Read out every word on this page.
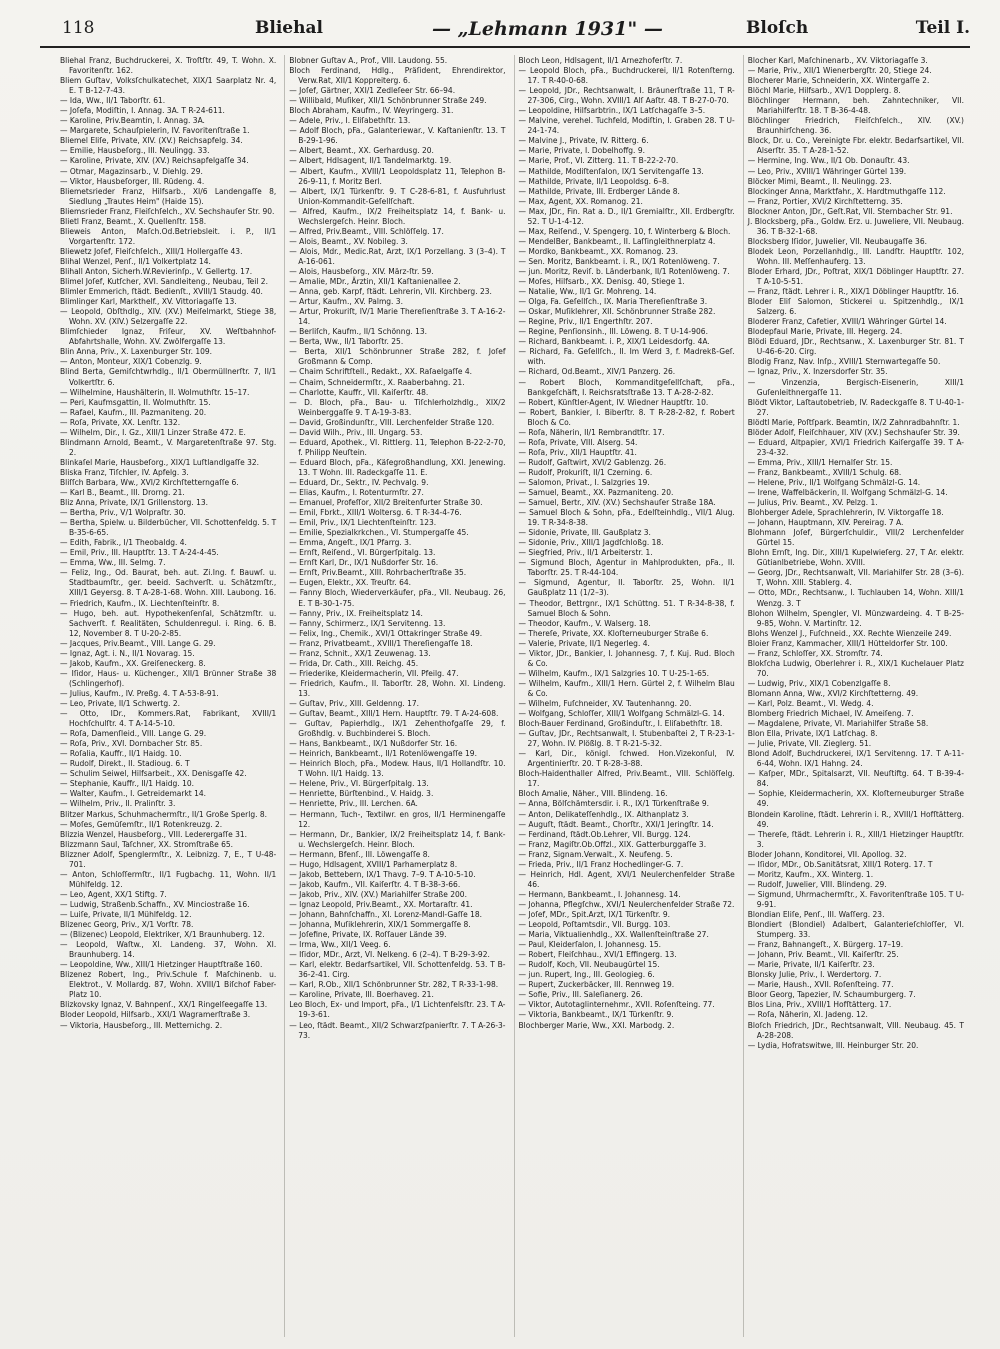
118	Bliehal	— „Lehmann 1931" —	Bloſch	Teil I.

Bliehal Franz, Buchdruckerei, X. Troſtſtr. 49, T. Wohn. X. Favoritenſtr. 162.

Bliem Guſtav, Volksſchulkatechet, XIX/1 Saarplatz Nr. 4, E. T B-12-7-43.

— Ida, Ww., II/1 Taborſtr. 61.

— Joſefa, Modiſtin, I. Annag. 3A. T R-24-611.

— Karoline, Priv.Beamtin, I. Annag. 3A.

— Margarete, Schauſpielerin, IV. Favoritenſtraße 1.

Bliemel Eliſe, Private, XIV. (XV.) Reichsapfelg. 34.

— Emilie, Hausbeſorg., III. Neulingg. 33.

— Karoline, Private, XIV. (XV.) Reichsapfelgaſſe 34.

— Otmar, Magazinsarb., V. Diehlg. 29.

— Viktor, Hausbeſorger, III. Rüdeng. 4.

Bliemetsrieder Franz, Hilfsarb., XI/6 Landengaſſe 8, Siedlung „Trautes Heim" (Haide 15).

Bliemsrieder Franz, Fleiſchſelch., XV. Sechshauſer Str. 90.

Blietl Franz, Beamt., X. Quellenſtr. 158.

Blieweis Anton, Maſch.Od.Betriebsleit. i. P., II/1 Vorgartenſtr. 172.

Bliewetz Joſef, Fleiſchſelch., XIII/1 Hollergaſſe 43.

Blihal Wenzel, Penſ., II/1 Volkertplatz 14.

Blihall Anton, Sicherh.W.Revierinſp., V. Gellertg. 17.

Blimel Joſef, Kutſcher, XVI. Sandleiteng., Neubau, Teil 2.

Blimler Emmerich, ſtädt. Bedienſt., XVIII/1 Staudg. 40.

Blimlinger Karl, Markthelf., XV. Vittoriagaſſe 13.

— Leopold, Obſthdlg., XIV. (XV.) Meiſelmarkt, Stiege 38, Wohn. XV. (XIV.) Selzergaſſe 22.

Blimſchieder Ignaz, Friſeur, XV. Weſtbahnhof-Abfahrtshalle, Wohn. XV. Zwölfergaſſe 13.

Blin Anna, Priv., X. Laxenburger Str. 109.

— Anton, Monteur, XIX/1 Cobenzlg. 9.

Blind Berta, Gemiſchtwrhdlg., II/1 Obermüllnerſtr. 7, II/1 Volkertſtr. 6.

— Wilhelmine, Haushälterin, II. Wolmuthſtr. 15–17.

— Peri, Kaufmsgattin, II. Wolmuthſtr. 15.

— Rafael, Kaufm., III. Pazmaniteng. 20.

— Roſa, Private, XX. Lenſtr. 132.

— Wilhelm, Dir., I. Gz., XIII/1 Linzer Straße 472. E.

Blindmann Arnold, Beamt., V. Margaretenſtraße 97. Stg. 2.

Blinkaſel Marie, Hausbeſorg., XIX/1 Luſtlandlgaſſe 32.

Bliska Franz, Tiſchler, IV. Apfelg. 3.

Bliſſch Barbara, Ww., XVI/2 Kirchſtetterngaſſe 6.

— Karl B., Beamt., III. Drorng. 21.

Bliz Anna, Private, IX/1 Grillenstorg. 13.

— Bertha, Priv., V/1 Wolpraſtr. 30.

— Bertha, Spielw. u. Bilderbücher, VII. Schottenfeldg. 5. T B-35-6-65.

— Edith, Fabrik., I/1 Theobaldg. 4.

— Emil, Priv., III. Hauptſtr. 13. T A-24-4-45.

— Emma, Ww., III. Selmg. 7.

— Feliz, Ing., Od. Baurat, beh. aut. Zi.Ing. f. Bauwſ. u. Stadtbaumſtr., ger. beeid. Sachverſt. u. Schätzmſtr., XIII/1 Geyersg. 8. T A-28-1-68. Wohn. XIII. Laubong. 16.

— Friedrich, Kaufm., IX. Liechtenſteinſtr. 8.

— Hugo, beh. aut. Hypothekenſenſal, Schätzmſtr. u. Sachverſt. f. Realitäten, Schuldenregul. i. Ring. 6. B. 12, November 8. T U-20-2-85.

— Jacques, Priv.Beamt., VIII. Lange G. 29.

— Ignaz, Agt. i. N., II/1 Novarag. 15.

— Jakob, Kaufm., XX. Greiſeneckerg. 8.

— Iſidor, Haus- u. Küchenger., XII/1 Brünner Straße 38 (Schlingerhof).

— Julius, Kaufm., IV. Preßg. 4. T A-53-8-91.

— Leo, Private, II/1 Schwertg. 2.

— Otto, IDr., Kommers.Rat, Fabrikant, XVIII/1 Hochſchulſtr. 4. T A-14-5-10.

— Roſa, Damenſleid., VIII. Lange G. 29.

— Roſa, Priv., XVI. Dornbacher Str. 85.

— Roſalia, Kauffr., II/1 Haidg. 10.

— Rudolf, Direkt., II. Stadioug. 6. T

— Schulim Seiwel, Hilfsarbeit., XX. Denisgaſſe 42.

— Stephanie, Kauffr., II/1 Haidg. 10.

— Walter, Kaufm., I. Getreidemarkt 14.

— Wilhelm, Priv., II. Pralinſtr. 3.

Blitzer Markus, Schuhmachermſtr., II/1 Große Sperlg. 8.

— Moſes, Gemüſemſtr., II/1 Rotenkreuzg. 2.

Blizzia Wenzel, Hausbeſorg., VIII. Lederergaſſe 31.

Blizzmann Saul, Taſchner, XX. Stromſtraße 65.

Blizzner Adolf, Spenglermſtr., X. Leibnizg. 7, E., T U-48-701.

— Anton, Schloſſermſtr., II/1 Fugbachg. 11, Wohn. II/1 Mühlfeldg. 12.

— Leo, Agent, XX/1 Stiftg. 7.

— Ludwig, Straßenb.Schaffn., XV. Minciostraße 16.

— Luiſe, Private, II/1 Mühlfeldg. 12.

Blizenec Georg, Priv., X/1 Vorſtr. 78.

— (Blizenec) Leopold, Elektriker, X/1 Braunhuberg. 12.

— Leopold, Waſtw., XI. Landeng. 37, Wohn. XI. Braunhuberg. 14.

— Leopoldine, Ww., XIII/1 Hietzinger Hauptſtraße 160.

Blizenez Robert, Ing., Priv.Schule f. Maſchinenb. u. Elektrot., V. Mollardg. 87, Wohn. XVIII/1 Biſchof Faber-Platz 10.

Blizkovsky Ignaz, V. Bahnpenſ., XX/1 Ringelſeegaſſe 13.

Bloder Leopold, Hilfsarb., XXI/1 Wagramerſtraße 3.

— Viktoria, Hausbeſorg., III. Metternichg. 2.

Blobner Guſtav A., Prof., VIII. Laudong. 55.

Bloch Ferdinand, Hdlg., Präſident, Ehrendirektor, Verw.Rat, XII/1 Koppreiterg. 6.

— Joſef, Gärtner, XXI/1 Zedleſeer Str. 66–94.

— Willibald, Muſiker, XII/1 Schönbrunner Straße 249.

Bloch Abraham, Kaufm., IV. Weyringerg. 31.

— Adele, Priv., I. Eliſabethſtr. 13.

— Adolf Bloch, pFa., Galanteriewar., V. Kaſtanienſtr. 13. T B-29-1-96.

— Albert, Beamt., XX. Gerhardusg. 20.

— Albert, Hdlsagent, II/1 Tandelmarktg. 19.

— Albert, Kaufm., XVIII/1 Leopoldsplatz 11, Telephon B-26-9-11, f. Moritz Berl.

— Albert, IX/1 Türkenſtr. 9. T C-28-6-81, f. Ausfuhrlust Union-Kommandit-Geſellſchaft.

— Alfred, Kaufm., IX/2 Freiheitsplatz 14, f. Bank- u. Wechslergeſch. Heinr. Bloch.

— Alfred, Priv.Beamt., VIII. Schlöſſelg. 17.

— Alois, Beamt., XV. Nobileg. 3.

— Alois, Mdr., Medic.Rat, Arzt, IX/1 Porzellang. 3 (3–4). T A-16-061.

— Alois, Hausbeſorg., XIV. März-ſtr. 59.

— Amalie, MDr., Ärztin, XII/1 Kaſtanienallee 2.

— Anna, geb. Karpf, ſtädt. Lehrerin, VII. Kirchberg. 23.

— Artur, Kaufm., XV. Palmg. 3.

— Artur, Prokuriſt, IV/1 Marie Thereſienſtraße 3. T A-16-2-14.

— Berliſch, Kaufm., II/1 Schönng. 13.

— Berta, Ww., II/1 Taborſtr. 25.

— Berta, XII/1 Schönbrunner Straße 282, f. Joſef Großmann & Comp.

— Chaim Schriftſtell., Redakt., XX. Raſaelgaſſe 4.

— Chaim, Schneidermſtr., X. Raaberbahng. 21.

— Charlotte, Kauffr., VII. Kaiſerſtr. 48.

— D. Bloch, pFa., Bau- u. Tiſchlerholzhdlg., XIX/2 Weinberggaſſe 9. T A-19-3-83.

— David, Großindunſtr., VIII. Lerchenfelder Straße 120.

— David Wilh., Priv., III. Ungarg. 53.

— Eduard, Apothek., VI. Rittlerg. 11, Telephon B-22-2-70, f. Philipp Neuſtein.

— Eduard Bloch, pFa., Käſegroßhandlung, XXI. Jenewing. 13. T Wohn. III. Radeckgaſſe 11. E.

— Eduard, Dr., Sektr., IV. Pechvalg. 9.

— Elias, Kaufm., I. Rotenturmſtr. 27.

— Emanuel, Profeſſor, XII/2 Breitenfurter Straße 30.

— Emil, Fbrkt., XIII/1 Woltersg. 6. T R-34-4-76.

— Emil, Priv., IX/1 Liechtenſteinſtr. 123.

— Emilie, Spezialkrkchen., VI. Stumpergaſſe 45.

— Emma, Angeſt., IX/1 Pfarrg. 3.

— Ernſt, Reiſend., VI. Bürgerſpitalg. 13.

— Ernſt Karl, Dr., IX/1 Nußdorfer Str. 16.

— Ernſt, Priv.Beamt., XIII. Rohrbacherſtraße 35.

— Eugen, Elektr., XX. Treuſtr. 64.

— Fanny Bloch, Wiederverkäufer, pFa., VII. Neubaug. 26, E. T B-30-1-75.

— Fanny, Priv., IX. Freiheitsplatz 14.

— Fanny, Schirmerz., IX/1 Servitenng. 13.

— Felix, Ing., Chemik., XVI/1 Ottakringer Straße 49.

— Franz, Privatbeamt., XVIII/1 Thereſiengaſſe 18.

— Franz, Schnit., XX/1 Zeuwenag. 13.

— Frida, Dr. Cath., XIII. Reichg. 45.

— Friederike, Kleidermacherin, VII. Pfeilg. 47.

— Friedrich, Kaufm., II. Taborſtr. 28, Wohn. XI. Lindeng. 13.

— Guſtav, Priv., XIII. Geldenng. 17.

— Guſtav, Beamt., XIII/1 Hern. Hauptſtr. 79. T A-24-608.

— Guſtav, Papierhdlg., IX/1 Zehenthofgaſſe 29, f. Großhdlg. v. Buchbinderei S. Bloch.

— Hans, Bankbeamt., IX/1 Nußdorfer Str. 16.

— Heinrich, Bankbeamt., II/1 Rotenlöwengaſſe 19.

— Heinrich Bloch, pFa., Modew. Haus, II/1 Hollandſtr. 10. T Wohn. II/1 Haidg. 13.

— Helene, Priv., VI. Bürgerſpitalg. 13.

— Henriette, Bürſtenbind., V. Haidg. 3.

— Henriette, Priv., III. Lerchen. 6A.

— Hermann, Tuch-, Textilwr. en gros, II/1 Herminengaſſe 12.

— Hermann, Dr., Bankier, IX/2 Freiheitsplatz 14, f. Bank- u. Wechslergeſch. Heinr. Bloch.

— Hermann, Bfenſ., III. Löwengaſſe 8.

— Hugo, Hdlsagent, XVIII/1 Parhamerplatz 8.

— Jakob, Bettebern, IX/1 Thavg. 7–9. T A-10-5-10.

— Jakob, Kaufm., VII. Kaiſerſtr. 4. T B-38-3-66.

— Jakob, Priv., XIV. (XV.) Mariahilfer Straße 200.

— Ignaz Leopold, Priv.Beamt., XX. Mortaraſtr. 41.

— Johann, Bahnſchaffn., XI. Lorenz-Mandl-Gaſſe 18.

— Johanna, Muſiklehrerin, XIX/1 Sommergaſſe 8.

— Joſefine, Private, IX. Roſſauer Lände 39.

— Irma, Ww., XII/1 Veeg. 6.

— Iſidor, MDr., Arzt, VI. Nelkeng. 6 (2–4). T B-29-3-92.

— Karl, elektr. Bedarfsartikel, VII. Schottenfeldg. 53. T B-36-2-41. Cirg.

— Karl, R.Ob., XII/1 Schönbrunner Str. 282, T R-33-1-98.

— Karoline, Private, III. Boerhaveg. 21.

Leo Bloch, Ex- und Import, pFa., I/1 Lichtenfelsſtr. 23. T A-19-3-61.

— Leo, ſtädt. Beamt., XII/2 Schwarzſpanierſtr. 7. T A-26-3-73.

Bloch Leon, Hdlsagent, II/1 Arnezhoferſtr. 7.

— Leopold Bloch, pFa., Buchdruckerei, II/1 Rotenſterng. 17. T R-40-0-68.

— Leopold, JDr., Rechtsanwalt, I. Bräunerſtraße 11, T R-27-306, Cirg., Wohn. XVIII/1 Alſ Aaſtr. 48. T B-27-0-70.

— Leopoldine, Hilfsarbtrin., IX/1 Latſchagaſſe 3–5.

— Malvine, verehel. Tuchfeld, Modiſtin, I. Graben 28. T U-24-1-74.

— Malvine J., Private, IV. Ritterg. 6.

— Marie, Private, I. Dobelhoffg. 9.

— Marie, Prof., VI. Zitterg. 11. T B-22-2-70.

— Mathilde, Modiſtenſalon, IX/1 Servitengaſſe 13.

— Mathilde, Private, II/1 Leopoldsg. 6–8.

— Mathilde, Private, III. Erdberger Lände 8.

— Max, Agent, XX. Romanog. 21.

— Max, JDr., Fin. Rat a. D., II/1 Gremialſtr., XII. Erdbergſtr. 52. T U-1-4-12.

— Max, Reiſend., V. Spengerg. 10, f. Winterberg & Bloch.

— MendelBer, Bankbeamt., II. Laſſingleithnerplatz 4.

— Mordko, Bankbeamt., XX. Romanog. 23.

— Sen. Moritz, Bankbeamt. i. R., IX/1 Rotenlöweng. 7.

— jun. Moritz, Reviſ. b. Länderbank, II/1 Rotenlöweng. 7.

— Moſes, Hilfsarb., XX. Denisg. 40, Stiege 1.

— Natalie, Ww., II/1 Gr. Mohreng. 14.

— Olga, Fa. Geſellſch., IX. Maria Thereſienſtraße 3.

— Oskar, Muſiklehrer, XII. Schönbrunner Straße 282.

— Regine, Priv., II/1 Engerthſtr. 207.

— Regine, Penſionsinh., III. Löweng. 8. T U-14-906.

— Richard, Bankbeamt. i. P., XIX/1 Leidesdorfg. 4A.

— Richard, Fa. Geſellſch., II. Im Werd 3, f. Madrekß-Geſ. with.

— Richard, Od.Beamt., XIV/1 Panzerg. 26.

— Robert Bloch, Kommanditgeſellſchaft, pFa., Bankgeſchäft, I. Reichsratsſtraße 13. T A-28-2-82.

— Robert, Künſtler-Agent, IV. Wiedner Hauptſtr. 10.

— Robert, Bankier, I. Biberſtr. 8. T R-28-2-82, f. Robert Bloch & Co.

— Roſa, Näherin, II/1 Rembrandtſtr. 17.

— Roſa, Private, VIII. Alserg. 54.

— Roſa, Priv., XII/1 Hauptſtr. 41.

— Rudolf, Gaſtwirt, XVI/2 Gablenzg. 26.

— Rudolf, Prokuriſt, II/1 Czerning. 6.

— Salomon, Privat., I. Salzgries 19.

— Samuel, Beamt., XX. Pazmaniteng. 20.

— Samuel, Bertr., XIV. (XV.) Sechshauſer Straße 18A.

— Samuel Bloch & Sohn, pFa., Edelſteinhdlg., VII/1 Alug. 19. T R-34-8-38.

— Sidonie, Private, III. Gaußplatz 3.

— Sidonie, Priv., XIII/1 Jagdſchloßg. 18.

— Siegfried, Priv., II/1 Arbeiterstr. 1.

— Sigmund Bloch, Agentur in Mahlprodukten, pFa., II. Taborſtr. 25. T R-44-104.

— Sigmund, Agentur, II. Taborſtr. 25, Wohn. II/1 Gaußplatz 11 (1/2–3).

— Theodor, Bettrgnr., IX/1 Schüttng. 51. T R-34-8-38, f. Samuel Bloch & Sohn.

— Theodor, Kaufm., V. Walserg. 18.

— Thereſe, Private, XX. Kloſterneuburger Straße 6.

— Valerie, Private, II/1 Negerleg. 4.

— Viktor, JDr., Bankier, I. Johannesg. 7, f. Kuj. Rud. Bloch & Co.

— Wilhelm, Kaufm., IX/1 Salzgries 10. T U-25-1-65.

— Wilhelm, Kaufm., XIII/1 Hern. Gürtel 2, f. Wilhelm Blau & Co.

— Wilhelm, Fuſchneider, XV. Tautenhanng. 20.

— Wolfgang, Schloſſer, XIII/1 Wolfgang Schmälzl-G. 14.

Bloch-Bauer Ferdinand, Großinduſtr., I. Eliſabethſtr. 18.

— Guſtav, JDr., Rechtsanwalt, I. Stubenbaſtei 2, T R-23-1-27, Wohn. IV. Plößlg. 8. T R-21-5-32.

— Karl, Dir., königl. ſchwed. Hon.Vizekonſul, IV. Argentinierſtr. 20. T R-28-3-88.

Bloch-Haidenthaller Alfred, Priv.Beamt., VIII. Schlöſſelg. 17.

Bloch Amalie, Näher., VIII. Blindeng. 16.

— Anna, Bölſchämtersdir. i. R., IX/1 Türkenſtraße 9.

— Anton, Delikateſſenhdlg., IX. Althanplatz 3.

— Auguſt, ſtädt. Beamt., Chorſtr., XXI/1 Jeringſtr. 14.

— Ferdinand, ſtädt.Ob.Lehrer, VII. Burgg. 124.

— Franz, Magiſtr.Ob.Offzl., XIX. Gatterburggaſſe 3.

— Franz, Signam.Verwalt., X. Neufeng. 5.

— Frieda, Priv., II/1 Franz Hochedlinger-G. 7.

— Heinrich, Hdl. Agent, XVI/1 Neulerchenfelder Straße 46.

— Hermann, Bankbeamt., I. Johannesg. 14.

— Johanna, Pflegſchw., XVI/1 Neulerchenfelder Straße 72.

— Joſef, MDr., Spit.Arzt, IX/1 Türkenſtr. 9.

— Leopold, Poſtamtsdir., VII. Burgg. 103.

— Maria, Viktualienhdlg., XX. Wallenſteinſtraße 27.

— Paul, Kleiderſalon, I. Johannesg. 15.

— Robert, Fleiſchhau., XVI/1 Effingerg. 13.

— Rudolf, Koch, VII. Neubaugürtel 15.

— jun. Rupert, Ing., III. Geologieg. 6.

— Rupert, Zuckerbäcker, III. Rennweg 19.

— Sofie, Priv., III. Saleſianerg. 26.

— Viktor, Autotaglinternehmr., XVII. Roſenſteing. 77.

— Viktoria, Bankbeamt., IX/1 Türkenſtr. 9.

Blochberger Marie, Ww., XXI. Marbodg. 2.

Blocher Karl, Maſchinenarb., XV. Viktoriagaſſe 3.

— Marie, Priv., XII/1 Wienerbergſtr. 20, Stiege 24.

Blocherer Marie, Schneiderin, XX. Wintergaſſe 2.

Blöchl Marie, Hilfsarb., XV/1 Dopplerg. 8.

Blöchlinger Hermann, beh. Zahntechniker, VII. Mariahilferſtr. 18. T B-36-4-48.

Blöchlinger Friedrich, Fleiſchſelch., XIV. (XV.) Braunhirſcheng. 36.

Block, Dr. u. Co., Vereinigte Fbr. elektr. Bedarfsartikel, VII. Alserſtr. 35. T A-28-1-52.

— Hermine, Ing. Ww., II/1 Ob. Donauſtr. 43.

— Leo, Priv., XVIII/1 Währinger Gürtel 139.

Blöcker Mimi, Beamt., II. Neulingg. 23.

Blockinger Anna, Marktfahr., X. Hardtmuthgaſſe 112.

— Franz, Portier, XVI/2 Kirchſtetterng. 35.

Blockner Anton, JDr., Geſt.Rat, VII. Sternbacher Str. 91.

J. Blocksberg, pFa., Goldw. Erz. u. Juweliere, VII. Neubaug. 36. T B-32-1-68.

Blocksberg Iſidor, Juwelier, VII. Neubaugaſſe 36.

Blodek Leon, Porzellanhdlg., III. Landſtr. Hauptſtr. 102, Wohn. III. Meſſenhauferg. 13.

Bloder Erhard, JDr., Poſtrat, XIX/1 Döblinger Hauptſtr. 27. T A-10-5-51.

— Franz, ſtädt. Lehrer i. R., XIX/1 Döblinger Hauptſtr. 16.

Bloder Eliſ Salomon, Stickerei u. Spitzenhdlg., IX/1 Salzerg. 6.

Bloderer Franz, Cafetier, XVIII/1 Währinger Gürtel 14.

Blodepfaul Marie, Private, III. Hegerg. 24.

Blödi Eduard, JDr., Rechtsanw., X. Laxenburger Str. 81. T U-46-6-20. Cirg.

Blodig Franz, Nav. Inſp., XVIII/1 Sternwartegaſſe 50.

— Ignaz, Priv., X. Inzersdorfer Str. 35.

— Vinzenzia, Bergisch-Eisenerin, XIII/1 Guſenleithnergaſſe 11.

Blödt Viktor, Laſtautobetrieb, IV. Radeckgaſſe 8. T U-40-1-27.

Blödtl Marie, Poſtſpark. Beamtin, IX/2 Zahnradbahnſtr. 1.

Blöder Adolf, Fleiſchhauer, XIV (XV.) Sechshauſer Str. 39.

— Eduard, Altpapier, XVI/1 Friedrich Kaiſergaſſe 39. T A-23-4-32.

— Emma, Priv., XIII/1 Hernalſer Str. 15.

— Franz, Bankbeamt., XVIII/1 Schulg. 68.

— Helene, Priv., II/1 Wolfgang Schmälzl-G. 14.

— Irene, Waffelbäckerin, II. Wolfgang Schmälzl-G. 14.

— Julius, Priv. Beamt., XV. Pelzg. 1.

Blohberger Adele, Sprachlehrerin, IV. Viktorgaſſe 18.

— Johann, Hauptmann, XIV. Pereirag. 7 A.

Blohmann Joſef, Bürgerſchuldir., VIII/2 Lerchenfelder Gürtel 15.

Blohn Ernſt, Ing. Dir., XIII/1 Kupelwieſerg. 27, T Ar. elektr. Gütianlbetriebe, Wohn. XVIII.

— Georg, JDr., Rechtsanwalt, VII. Mariahilfer Str. 28 (3–6). T, Wohn. XIII. Stablerg. 4.

— Otto, MDr., Rechtsanw., I. Tuchlauben 14, Wohn. XIII/1 Wenzg. 3. T

Blohon Wilhelm, Spengler, VI. Münzwardeing. 4. T B-25-9-85, Wohn. V. Martinſtr. 12.

Blohs Wenzel J., Fuſchneid., XX. Rechte Wienzeile 249.

Bloier Franz, Kammacher, XIII/1 Hütteldorfer Str. 100.

— Franz, Schloſſer, XX. Stromſtr. 74.

Blokſcha Ludwig, Oberlehrer i. R., XIX/1 Kuchelauer Platz 70.

— Ludwig, Priv., XIX/1 Cobenzlgaſſe 8.

Blomann Anna, Ww., XVI/2 Kirchſtetterng. 49.

— Karl, Polz. Beamt., VI. Wedg. 4.

Blomberg Friedrich Michael, IV. Ameiſeng. 7.

— Magdalene, Private, VI. Mariahilfer Straße 58.

Blon Ella, Private, IX/1 Latſchag. 8.

— Julie, Private, VII. Zieglerg. 51.

Blond Adolf, Buchdruckerei, IX/1 Servitenng. 17. T A-11-6-44, Wohn. IX/1 Hahng. 24.

— Kaſper, MDr., Spitalsarzt, VII. Neuſtiftg. 64. T B-39-4-84.

— Sophie, Kleidermacherin, XX. Kloſterneuburger Straße 49.

Blondein Karoline, ſtädt. Lehrerin i. R., XVIII/1 Hofſtätterg. 49.

— Thereſe, ſtädt. Lehrerin i. R., XIII/1 Hietzinger Hauptſtr. 3.

Bloder Johann, Konditorei, VII. Apollog. 32.

— Iſidor, MDr., Ob.Sanitätsrat, XIII/1 Roterg. 17. T

— Moritz, Kaufm., XX. Winterg. 1.

— Rudolf, Juwelier, VIII. Blindeng. 29.

— Sigmund, Uhrmachermſtr., X. Favoritenſtraße 105. T U-9-91.

Blondian Eliſe, Penſ., III. Waſſerg. 23.

Blondiert (Blondiel) Adalbert, Galanterieſchloſſer, VI. Stumperg. 33.

— Franz, Bahnangeſt., X. Bürgerg. 17–19.

— Johann, Priv. Beamt., VII. Kaiſerſtr. 25.

— Marie, Private, II/1 Kaiſerſtr. 23.

Blonsky Julie, Priv., I. Werdertorg. 7.

— Marie, Haush., XVII. Roſenſteing. 77.

Bloor Georg, Tapezier, IV. Schaumburgerg. 7.

Blos Lina, Priv., XVIII/1 Hofſtätterg. 17.

— Roſa, Näherin, XI. Jadeng. 12.

Bloſch Friedrich, JDr., Rechtsanwalt, VIII. Neubaug. 45. T A-28-208.

— Lydia, Hofratswitwe, III. Heinburger Str. 20.
